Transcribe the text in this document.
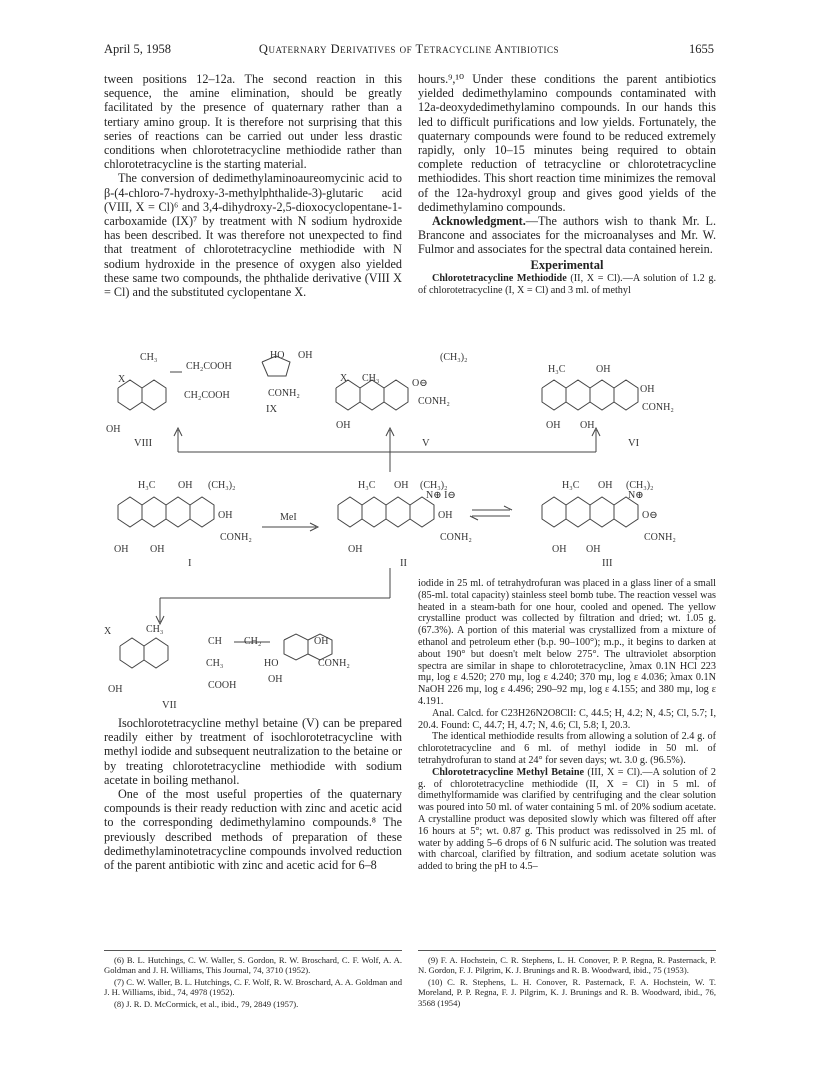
April 5, 1958	Quaternary Derivatives of Tetracycline Antibiotics	1655

tween positions 12–12a. The second reaction in this sequence, the amine elimination, should be greatly facilitated by the presence of quaternary rather than a tertiary amino group. It is therefore not surprising that this series of reactions can be carried out under less drastic conditions when chlorotetracycline methiodide rather than chlorotetracycline is the starting material.

The conversion of dedimethylaminoaureomycinic acid to β-(4-chloro-7-hydroxy-3-methylphthalide-3)-glutaric acid (VIII, X = Cl)⁶ and 3,4-dihydroxy-2,5-dioxocyclopentane-1-carboxamide (IX)⁷ by treatment with N sodium hydroxide has been described. It was therefore not unexpected to find that treatment of chlorotetracycline methiodide with N sodium hydroxide in the presence of oxygen also yielded these same two compounds, the phthalide derivative (VIII X = Cl) and the substituted cyclopentane X.

hours.⁹,¹⁰ Under these conditions the parent antibiotics yielded dedimethylamino compounds contaminated with 12a-deoxydedimethylamino compounds. In our hands this led to difficult purifications and low yields. Fortunately, the quaternary compounds were found to be reduced extremely rapidly, only 10–15 minutes being required to obtain complete reduction of tetracycline or chlorotetracycline methiodides. This short reaction time minimizes the removal of the 12a-hydroxyl group and gives good yields of the dedimethylamino compounds.

Acknowledgment.—The authors wish to thank Mr. L. Brancone and associates for the microanalyses and Mr. W. Fulmor and associates for the spectral data contained herein.

Experimental

Chlorotetracycline Methiodide (II, X = Cl).—A solution of 1.2 g. of chlorotetracycline (I, X = Cl) and 3 ml. of methyl

CH₃
CH₂COOH
CH₂COOH
X
OH
HO OH
CONH₂
X CH₃
(CH₃)₂
O⊖
CONH₂
OH
H₃C	OH
OH
CONH₂
OH OH
H₃C OH (CH₃)₂
OH
CONH₂
OH OH
MeI
H₃C OH (CH₃)₂
N⊕ I⊖
OH
CONH₂
OH
H₃C OH (CH₃)₂
N⊕
O⊖
CONH₂
OH OH
CH₃
CH CH₂	OH
CH₃	HO	CONH₂
COOH
OH
OH
X
VIII
IX
V	VI
I	II	III
VII

Isochlorotetracycline methyl betaine (V) can be prepared readily either by treatment of isochlorotetracycline with methyl iodide and subsequent neutralization to the betaine or by treating chlorotetracycline methiodide with sodium acetate in boiling methanol.

One of the most useful properties of the quaternary compounds is their ready reduction with zinc and acetic acid to the corresponding dedimethylamino compounds.⁸ The previously described methods of preparation of these dedimethylaminotetracycline compounds involved reduction of the parent antibiotic with zinc and acetic acid for 6–8

iodide in 25 ml. of tetrahydrofuran was placed in a glass liner of a small (85-ml. total capacity) stainless steel bomb tube. The reaction vessel was heated in a steam-bath for one hour, cooled and opened. The yellow crystalline product was collected by filtration and dried; wt. 1.05 g. (67.3%). A portion of this material was crystallized from a mixture of ethanol and petroleum ether (b.p. 90–100°); m.p., it begins to darken at about 190° but doesn't melt below 275°. The ultraviolet absorption spectra are similar in shape to chlorotetracycline, λmax 0.1N HCl 223 mμ, log ε 4.520; 270 mμ, log ε 4.240; 370 mμ, log ε 4.036; λmax 0.1N NaOH 226 mμ, log ε 4.496; 290–92 mμ, log ε 4.155; and 380 mμ, log ε 4.191.

Anal. Calcd. for C23H26N2O8ClI: C, 44.5; H, 4.2; N, 4.5; Cl, 5.7; I, 20.4. Found: C, 44.7; H, 4.7; N, 4.6; Cl, 5.8; I, 20.3.

The identical methiodide results from allowing a solution of 2.4 g. of chlorotetracycline and 6 ml. of methyl iodide in 50 ml. of tetrahydrofuran to stand at 24° for seven days; wt. 3.0 g. (96.5%).

Chlorotetracycline Methyl Betaine (III, X = Cl).—A solution of 2 g. of chlorotetracycline methiodide (II, X = Cl) in 5 ml. of dimethylformamide was clarified by centrifuging and the clear solution was poured into 50 ml. of water containing 5 ml. of 20% sodium acetate. A crystalline product was deposited slowly which was filtered off after 16 hours at 5°; wt. 0.87 g. This product was redissolved in 25 ml. of water by adding 5–6 drops of 6 N sulfuric acid. The solution was treated with charcoal, clarified by filtration, and sodium acetate solution was added to bring the pH to 4.5–

(6) B. L. Hutchings, C. W. Waller, S. Gordon, R. W. Broschard, C. F. Wolf, A. A. Goldman and J. H. Williams, This Journal, 74, 3710 (1952).
(7) C. W. Waller, B. L. Hutchings, C. F. Wolf, R. W. Broschard, A. A. Goldman and J. H. Williams, ibid., 74, 4978 (1952).
(8) J. R. D. McCormick, et al., ibid., 79, 2849 (1957).
(9) F. A. Hochstein, C. R. Stephens, L. H. Conover, P. P. Regna, R. Pasternack, P. N. Gordon, F. J. Pilgrim, K. J. Brunings and R. B. Woodward, ibid., 75 (1953).
(10) C. R. Stephens, L. H. Conover, R. Pasternack, F. A. Hochstein, W. T. Moreland, P. P. Regna, F. J. Pilgrim, K. J. Brunings and R. B. Woodward, ibid., 76, 3568 (1954)
